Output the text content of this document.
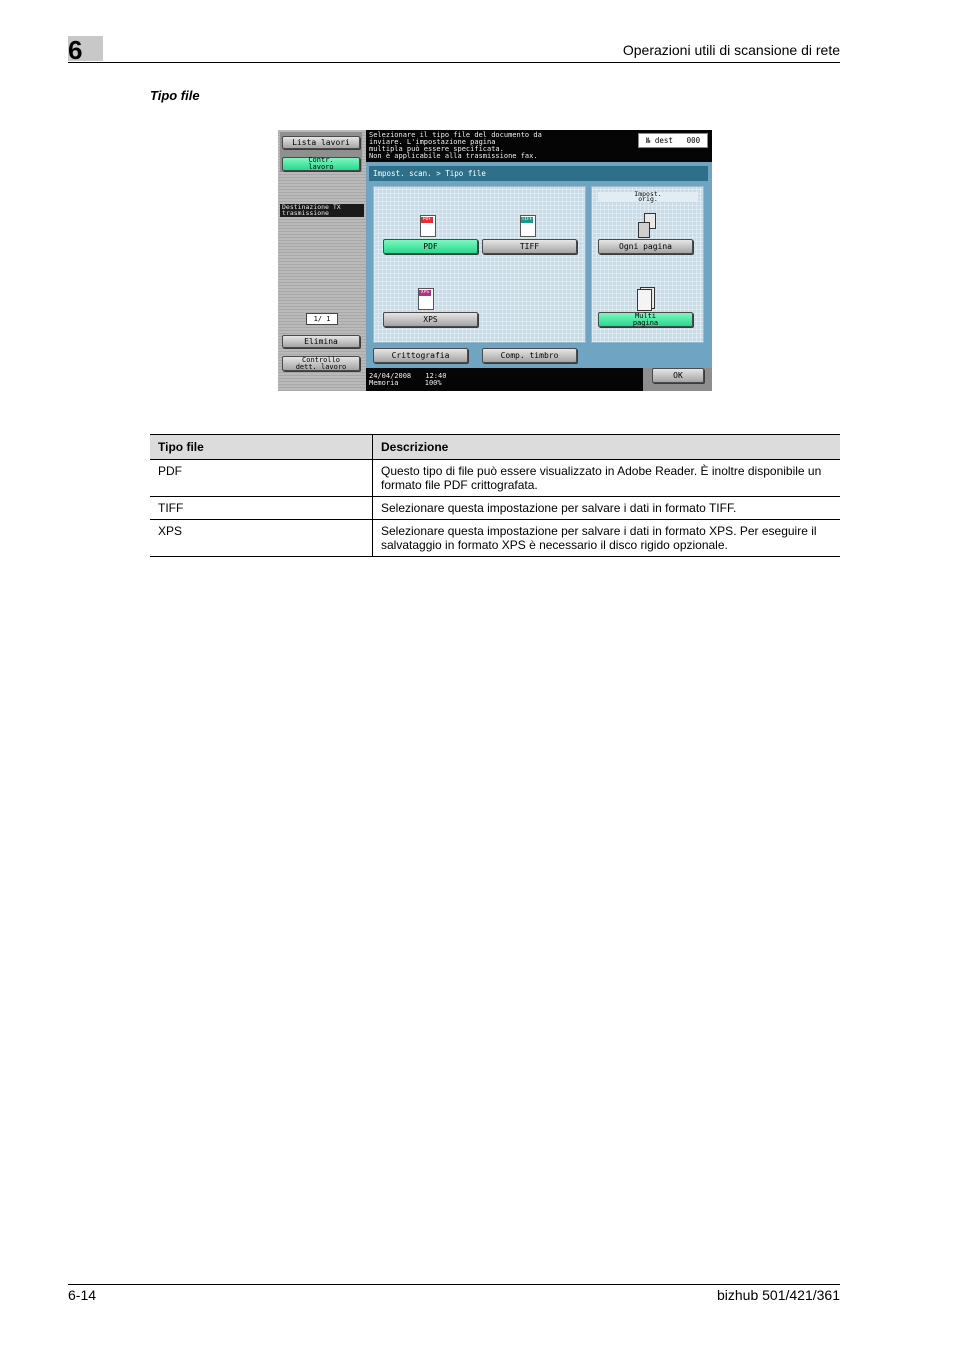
6	Operazioni utili di scansione di rete
Tipo file
Lista lavori
Contr.
lavoro
Destinazione TX
trasmissione
1/ 1
Elimina
Controllo
dett. lavoro
Selezionare il tipo file del documento da
inviare. L'impostazione pagina
multipla può essere specificata.
Non è applicabile alla trasmissione fax.
№ dest 000
Impost. scan. > Tipo file
PDF
PDF
TIFF
TIFF
XPS
XPS
Impost.
orig.
Ogni pagina
Multi
pagina
Crittografia	Comp. timbro
24/04/2008 12:40
Memoria	100%
OK
Tipo file	Descrizione
PDF	Questo tipo di file può essere visualizzato in Adobe Reader. È inoltre disponibile un formato file PDF crittografata.
TIFF	Selezionare questa impostazione per salvare i dati in formato TIFF.
XPS	Selezionare questa impostazione per salvare i dati in formato XPS. Per eseguire il salvataggio in formato XPS è necessario il disco rigido opzionale.
6-14	bizhub 501/421/361
